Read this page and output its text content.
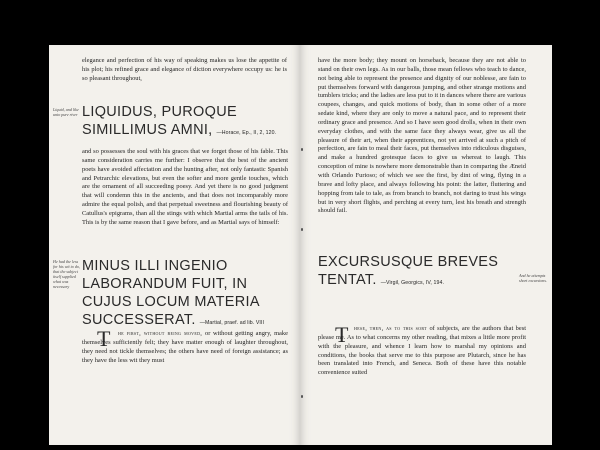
elegance and perfection of his way of speaking makes us lose the appetite of his plot; his refined grace and elegance of diction everywhere occupy us: he is so pleasant throughout,

Liquid, and like unto pure river LIQUIDUS, PUROQUE SIMILLIMUS AMNI, —Horace, Ep., II, 2, 120.

and so possesses the soul with his graces that we forget those of his fable. This same consideration carries me further: I observe that the best of the ancient poets have avoided affectation and the hunting after, not only fantastic Spanish and Petrarchic elevations, but even the softer and more gentle touches, which are the ornament of all succeeding poesy. And yet there is no good judgment that will condemn this in the ancients, and that does not incomparably more admire the equal polish, and that perpetual sweetness and flourishing beauty of Catullus's epigrams, than all the stings with which Martial arms the tails of his. This is by the same reason that I gave before, and as Martial says of himself:

He had the less for his wit to do, that the subject itself supplied what was necessary
MINUS ILLI INGENIO LABORANDUM FUIT, IN CUJUS LOCUM MATERIA SUCCESSERAT. —Martial, praef. ad lib. VIII
T	he first, without being moved, or without getting angry, make themselves sufficiently felt; they have matter enough of laughter throughout, they need not tickle themselves; the others have need of foreign assistance; as they have the less wit they must

have the more body; they mount on horseback, because they are not able to stand on their own legs. As in our balls, those mean fellows who teach to dance, not being able to represent the presence and dignity of our noblesse, are fain to put themselves forward with dangerous jumping, and other strange motions and tumblers tricks; and the ladies are less put to it in dances where there are various coupees, changes, and quick motions of body, than in some other of a more sedate kind, where they are only to move a natural pace, and to represent their ordinary grace and presence. And so I have seen good drolls, when in their own everyday clothes, and with the same face they always wear, give us all the pleasure of their art, when their apprentices, not yet arrived at such a pitch of perfection, are fain to meal their faces, put themselves into ridiculous disguises, and make a hundred grotesque faces to give us whereat to laugh. This conception of mine is nowhere more demonstrable than in comparing the Æneid with Orlando Furioso; of which we see the first, by dint of wing, flying in a brave and lofty place, and always following his point: the latter, fluttering and hopping from tale to tale, as from branch to branch, not daring to trust his wings but in very short flights, and perching at every turn, lest his breath and strength should fail.

EXCURSUSQUE BREVES TENTAT. —Virgil, Georgics, IV, 194.
And he attempts short excursions.
T hese, then, as to this sort of subjects, are the authors that best please me. As to what concerns my other reading, that mixes a little more profit with the pleasure, and whence I learn how to marshal my opinions and conditions, the books that serve me to this purpose are Plutarch, since he has been translated into French, and Seneca. Both of these have this notable convenience suited
